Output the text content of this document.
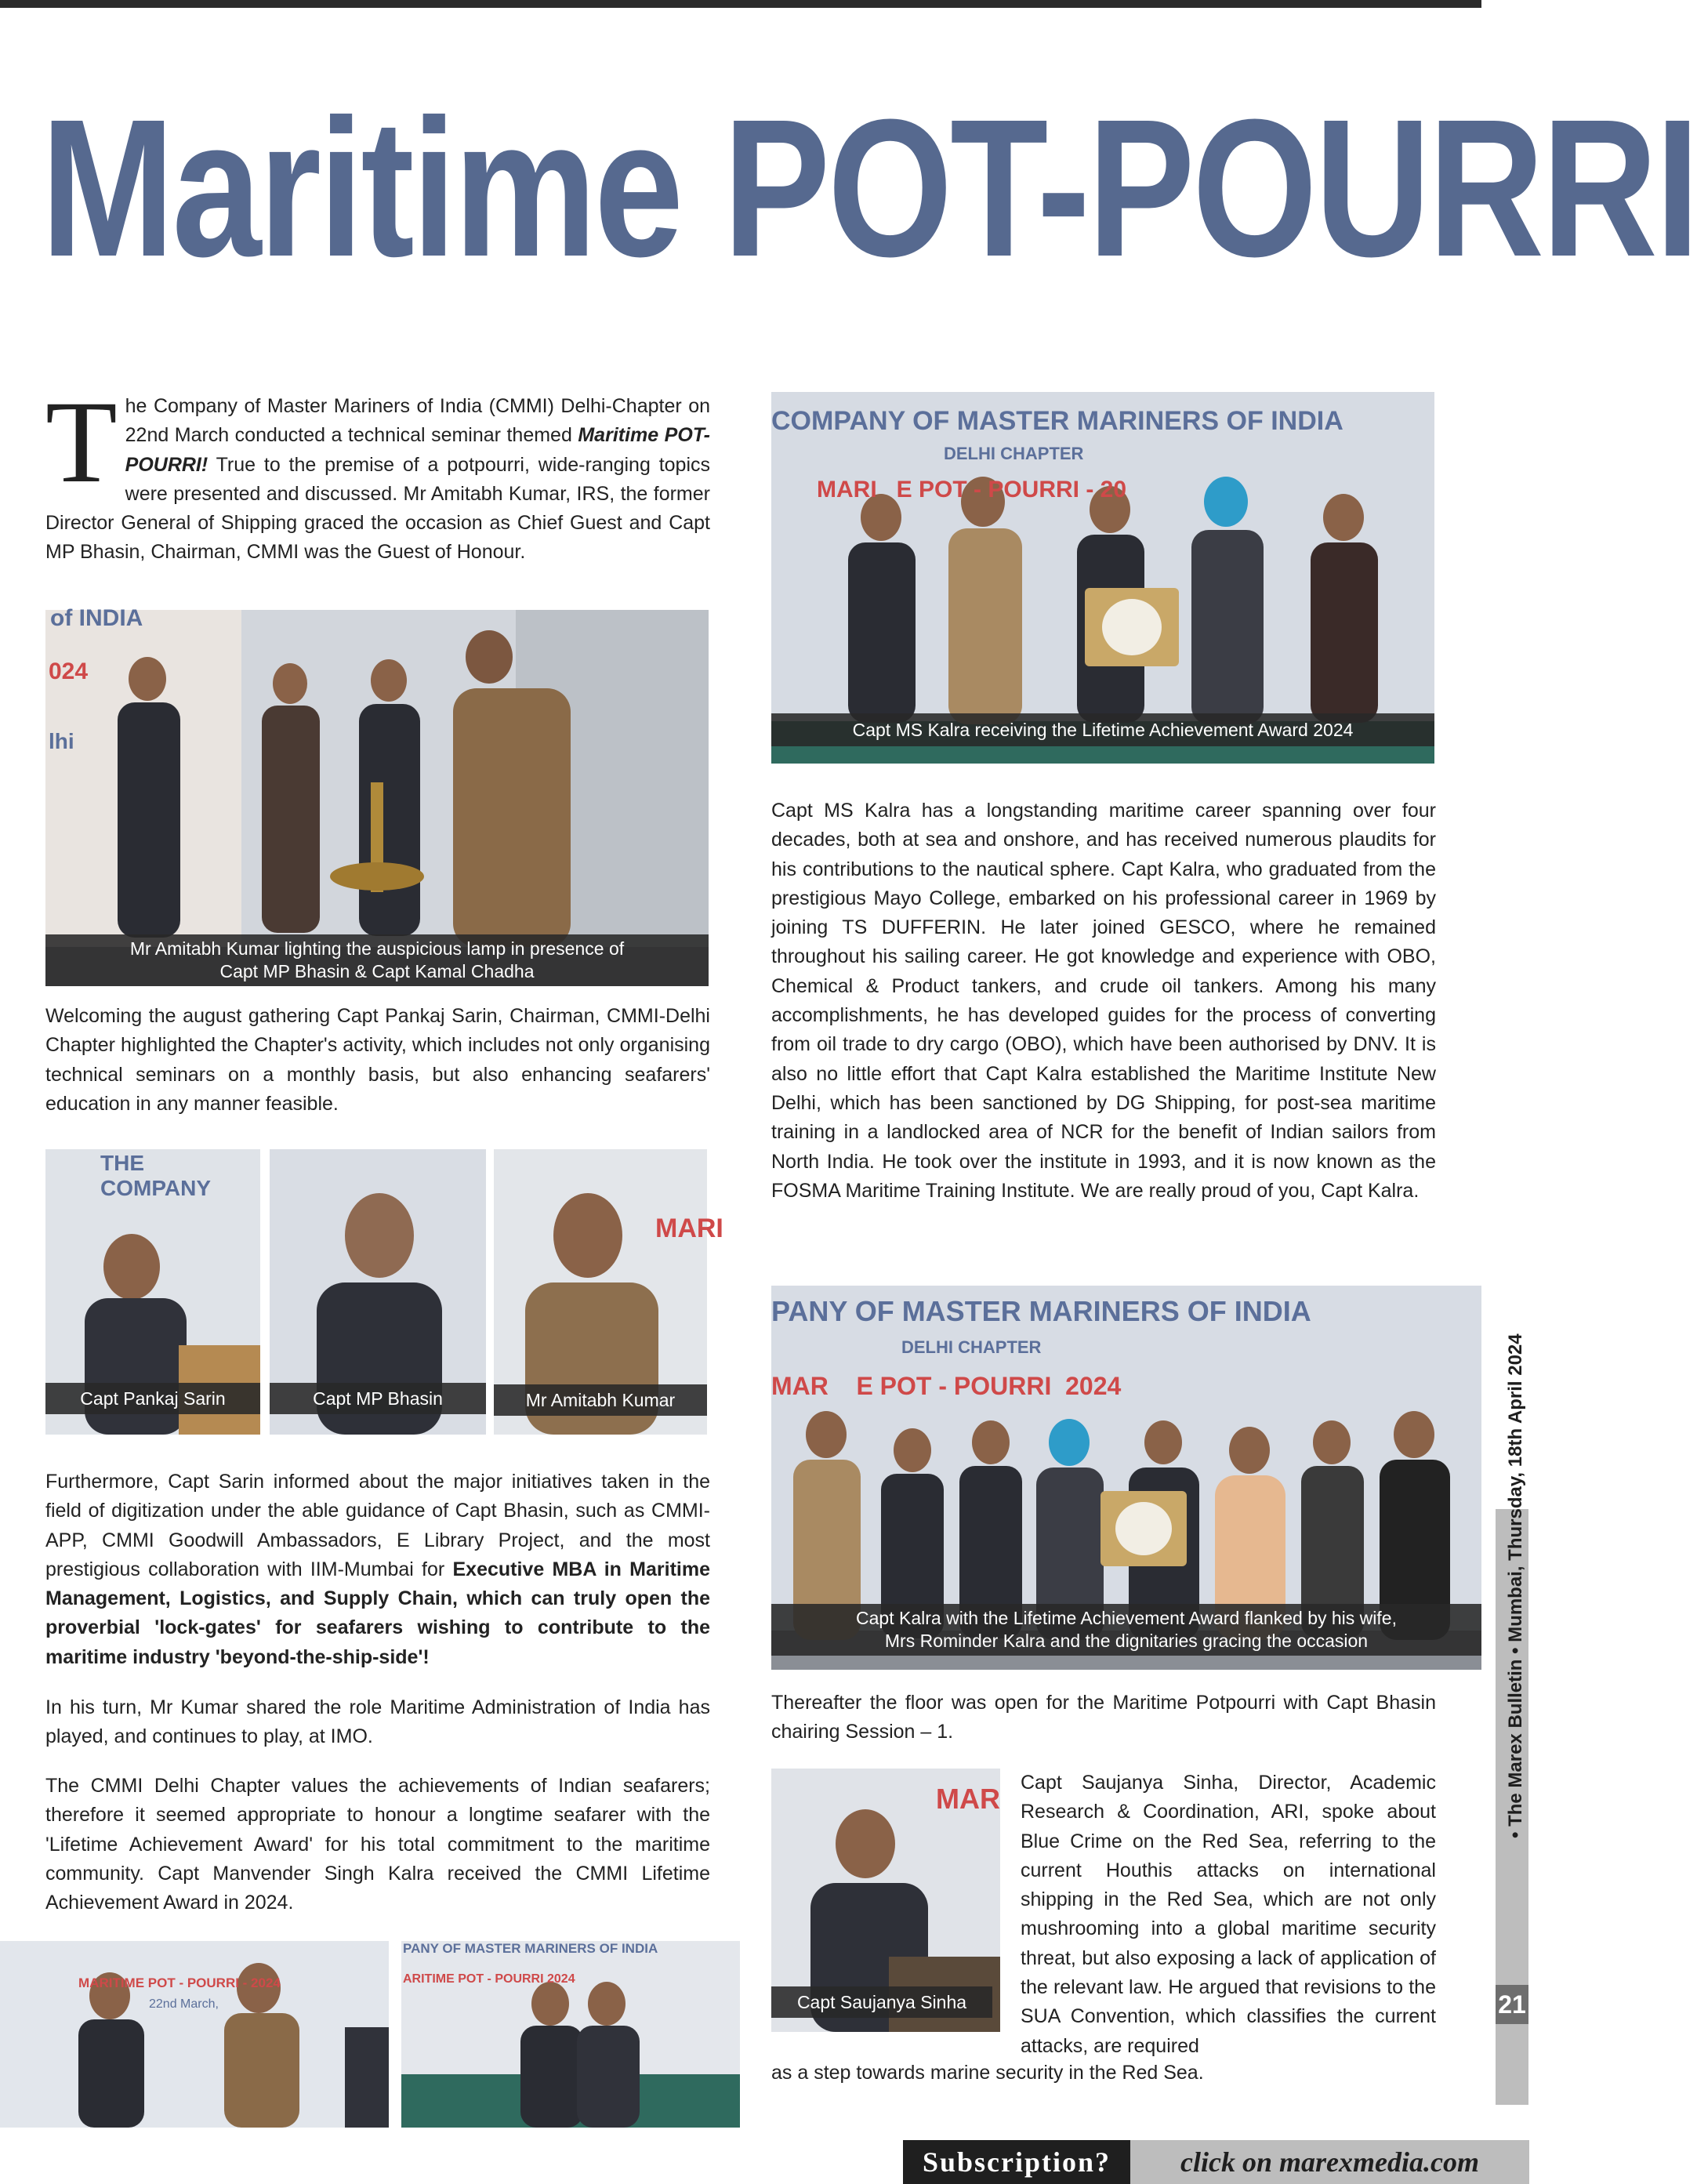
Maritime POT-POURRI
The Company of Master Mariners of India (CMMI) Delhi-Chapter on 22nd March conducted a technical seminar themed Maritime POT-POURRI! True to the premise of a potpourri, wide-ranging topics were presented and discussed. Mr Amitabh Kumar, IRS, the former Director General of Shipping graced the occasion as Chief Guest and Capt MP Bhasin, Chairman, CMMI was the Guest of Honour.
of INDIA
024
lhi
Mr Amitabh Kumar lighting the auspicious lamp in presence of
Capt MP Bhasin & Capt Kamal Chadha
Welcoming the august gathering Capt Pankaj Sarin, Chairman, CMMI-Delhi Chapter highlighted the Chapter's activity, which includes not only organising technical seminars on a monthly basis, but also enhancing seafarers' education in any manner feasible.
THE COMPANY
Capt Pankaj Sarin	Capt MP Bhasin
MARI
Mr Amitabh Kumar
Furthermore, Capt Sarin informed about the major initiatives taken in the field of digitization under the able guidance of Capt Bhasin, such as CMMI-APP, CMMI Goodwill Ambassadors, E Library Project, and the most prestigious collaboration with IIM-Mumbai for Executive MBA in Maritime Management, Logistics, and Supply Chain, which can truly open the proverbial 'lock-gates' for seafarers wishing to contribute to the maritime industry 'beyond-the-ship-side'!
In his turn, Mr Kumar shared the role Maritime Administration of India has played, and continues to play, at IMO.
The CMMI Delhi Chapter values the achievements of Indian seafarers; therefore it seemed appropriate to honour a longtime seafarer with the 'Lifetime Achievement Award' for his total commitment to the maritime community. Capt Manvender Singh Kalra received the CMMI Lifetime Achievement Award in 2024.
MARITIME POT - POURRI - 2024
22nd March,
PANY OF MASTER MARINERS OF INDIA
ARITIME POT - POURRI 2024
COMPANY OF MASTER MARINERS OF INDIA
DELHI CHAPTER
MARI   E POT - POURRI - 20
Capt MS Kalra receiving the Lifetime Achievement Award 2024
Capt MS Kalra has a longstanding maritime career spanning over four decades, both at sea and onshore, and has received numerous plaudits for his contributions to the nautical sphere. Capt Kalra, who graduated from the prestigious Mayo College, embarked on his professional career in 1969 by joining TS DUFFERIN. He later joined GESCO, where he remained throughout his sailing career. He got knowledge and experience with OBO, Chemical & Product tankers, and crude oil tankers. Among his many accomplishments, he has developed guides for the process of converting from oil trade to dry cargo (OBO), which have been authorised by DNV. It is also no little effort that Capt Kalra established the Maritime Institute New Delhi, which has been sanctioned by DG Shipping, for post-sea maritime training in a landlocked area of NCR for the benefit of Indian sailors from North India. He took over the institute in 1993, and it is now known as the FOSMA Maritime Training Institute. We are really proud of you, Capt Kalra.
PANY OF MASTER MARINERS OF INDIA
DELHI CHAPTER
MAR    E POT - POURRI  2024
Capt Kalra with the Lifetime Achievement Award flanked by his wife,
Mrs Rominder Kalra and the dignitaries gracing the occasion
Thereafter the floor was open for the Maritime Potpourri with Capt Bhasin chairing Session – 1.
MAR
Capt Saujanya Sinha
Capt Saujanya Sinha, Director, Academic Research & Coordination, ARI, spoke about Blue Crime on the Red Sea, referring to the current Houthis attacks on international shipping in the Red Sea, which are not only mushrooming into a global maritime security threat, but also exposing a lack of application of the relevant law. He argued that revisions to the SUA Convention, which classifies the current attacks, are required
as a step towards marine security in the Red Sea.
• The Marex Bulletin • Mumbai, Thursday, 18th April 2024
21
Subscription?	click on marexmedia.com
